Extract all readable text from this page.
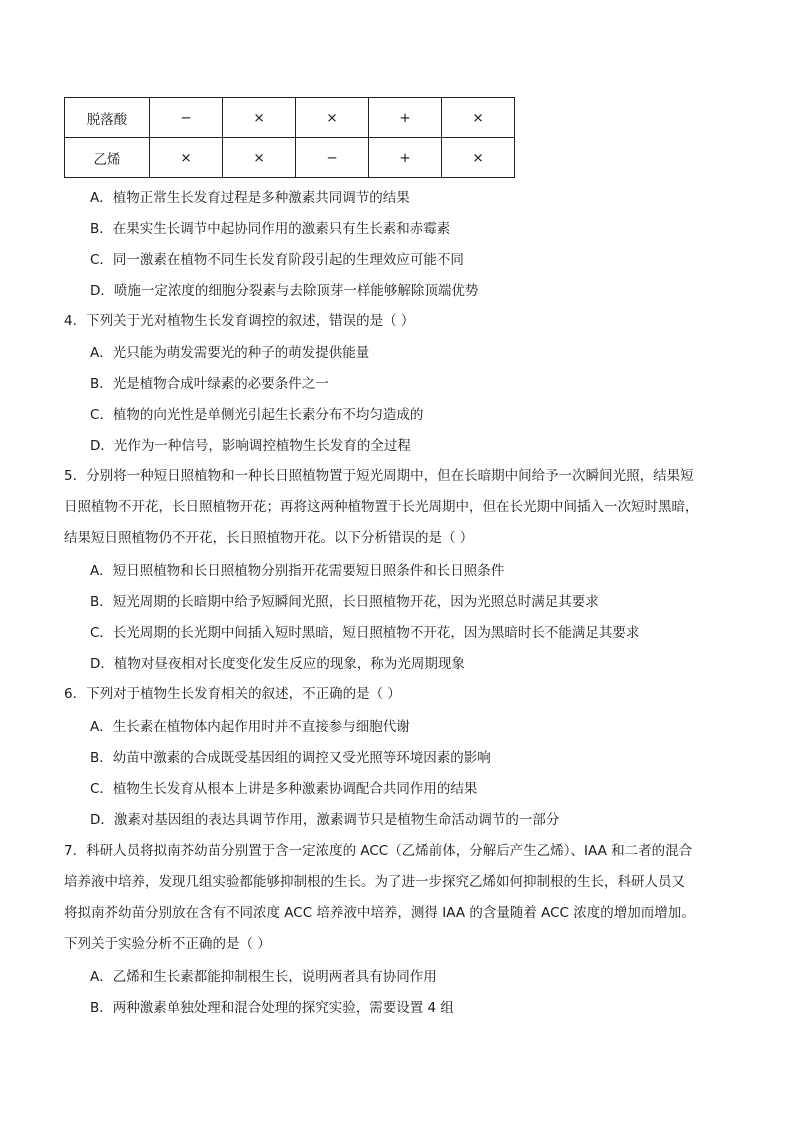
脱落酸	−	×	×	+	×
乙烯	×	×	−	+	×

A．植物正常生长发育过程是多种激素共同调节的结果

B．在果实生长调节中起协同作用的激素只有生长素和赤霉素

C．同一激素在植物不同生长发育阶段引起的生理效应可能不同

D．喷施一定浓度的细胞分裂素与去除顶芽一样能够解除顶端优势

4．下列关于光对植物生长发育调控的叙述，错误的是（ ）

A．光只能为萌发需要光的种子的萌发提供能量

B．光是植物合成叶绿素的必要条件之一

C．植物的向光性是单侧光引起生长素分布不均匀造成的

D．光作为一种信号，影响调控植物生长发育的全过程

5．分别将一种短日照植物和一种长日照植物置于短光周期中，但在长暗期中间给予一次瞬间光照，结果短

日照植物不开花，长日照植物开花；再将这两种植物置于长光周期中，但在长光期中间插入一次短时黑暗，

结果短日照植物仍不开花，长日照植物开花。以下分析错误的是（ ）

A．短日照植物和长日照植物分别指开花需要短日照条件和长日照条件

B．短光周期的长暗期中给予短瞬间光照，长日照植物开花，因为光照总时满足其要求

C．长光周期的长光期中间插入短时黑暗，短日照植物不开花，因为黑暗时长不能满足其要求

D．植物对昼夜相对长度变化发生反应的现象，称为光周期现象

6．下列对于植物生长发育相关的叙述，不正确的是（ ）

A．生长素在植物体内起作用时并不直接参与细胞代谢

B．幼苗中激素的合成既受基因组的调控又受光照等环境因素的影响

C．植物生长发育从根本上讲是多种激素协调配合共同作用的结果

D．激素对基因组的表达具调节作用，激素调节只是植物生命活动调节的一部分

7．科研人员将拟南芥幼苗分别置于含一定浓度的 ACC（乙烯前体，分解后产生乙烯）、IAA 和二者的混合

培养液中培养，发现几组实验都能够抑制根的生长。为了进一步探究乙烯如何抑制根的生长，科研人员又

将拟南芥幼苗分别放在含有不同浓度 ACC 培养液中培养，测得 IAA 的含量随着 ACC 浓度的增加而增加。

下列关于实验分析不正确的是（ ）

A．乙烯和生长素都能抑制根生长，说明两者具有协同作用

B．两种激素单独处理和混合处理的探究实验，需要设置 4 组
